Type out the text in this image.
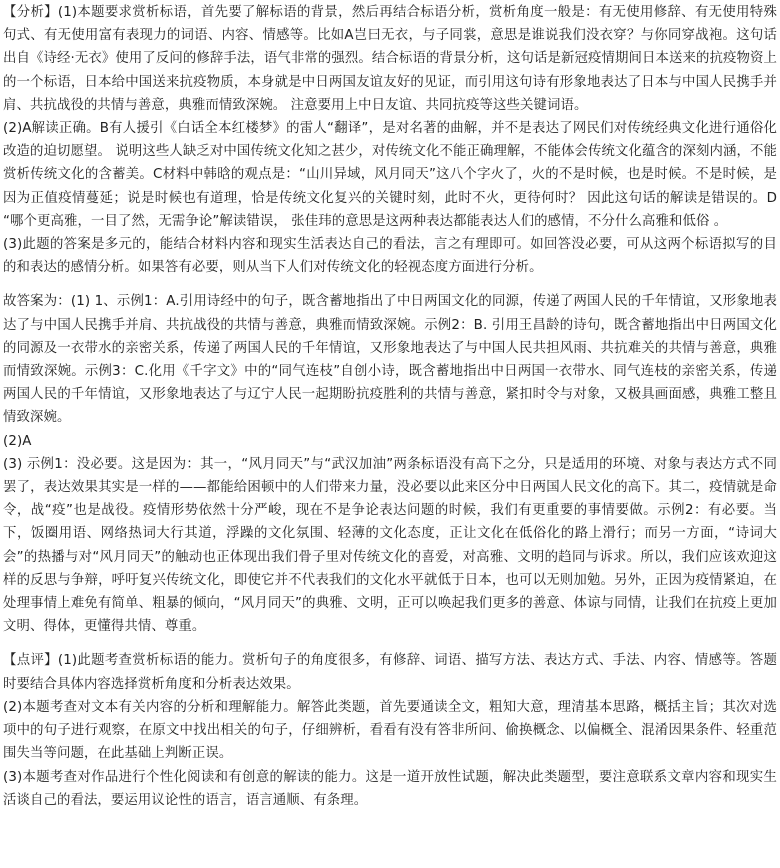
【分析】(1)本题要求赏析标语，首先要了解标语的背景，然后再结合标语分析，赏析角度一般是：有无使用修辞、有无使用特殊句式、有无使用富有表现力的词语、内容、情感等。比如A岂曰无衣，与子同裳，意思是谁说我们没衣穿？与你同穿战袍。这句话出自《诗经·无衣》使用了反问的修辞手法，语气非常的强烈。结合标语的背景分析，这句话是新冠疫情期间日本送来的抗疫物资上的一个标语，日本给中国送来抗疫物质，本身就是中日两国友谊友好的见证，而引用这句诗有形象地表达了日本与中国人民携手并肩、共抗战役的共情与善意，典雅而情致深婉。 注意要用上中日友谊、共同抗疫等这些关键词语。

(2)A解读正确。B有人援引《白话全本红楼梦》的雷人“翻译”，是对名著的曲解，并不是表达了网民们对传统经典文化进行通俗化改造的迫切愿望。 说明这些人缺乏对中国传统文化知之甚少，对传统文化不能正确理解，不能体会传统文化蕴含的深刻内涵，不能赏析传统文化的含蓄美。C材料中韩晗的观点是：“山川异域，风月同天”这八个字火了，火的不是时候，也是时候。不是时候，是因为正值疫情蔓延；说是时候也有道理，恰是传统文化复兴的关键时刻，此时不火，更待何时？ 因此这句话的解读是错误的。D “哪个更高雅，一目了然，无需争论”解读错误， 张佳玮的意思是这两种表达都能表达人们的感情，不分什么高雅和低俗 。

(3)此题的答案是多元的，能结合材料内容和现实生活表达自己的看法，言之有理即可。如回答没必要，可从这两个标语拟写的目的和表达的感情分析。如果答有必要，则从当下人们对传统文化的轻视态度方面进行分析。

故答案为：(1) 1、示例1：A.引用诗经中的句子，既含蓄地指出了中日两国文化的同源，传递了两国人民的千年情谊，又形象地表达了与中国人民携手并肩、共抗战役的共情与善意，典雅而情致深婉。示例2：B. 引用王昌龄的诗句，既含蓄地指出中日两国文化的同源及一衣带水的亲密关系，传递了两国人民的千年情谊，又形象地表达了与中国人民共担风雨、共抗难关的共情与善意，典雅而情致深婉。示例3：C.化用《千字文》中的“同气连枝”自创小诗，既含蓄地指出中日两国一衣带水、同气连枝的亲密关系，传递两国人民的千年情谊，又形象地表达了与辽宁人民一起期盼抗疫胜利的共情与善意，紧扣时令与对象，又极具画面感，典雅工整且情致深婉。

(2)A

(3) 示例1：没必要。这是因为：其一，“风月同天”与“武汉加油”两条标语没有高下之分，只是适用的环境、对象与表达方式不同罢了，表达效果其实是一样的——都能给困顿中的人们带来力量，没必要以此来区分中日两国人民文化的高下。其二，疫情就是命令，战“疫”也是战役。疫情形势依然十分严峻，现在不是争论表达问题的时候，我们有更重要的事情要做。示例2：有必要。当下，饭圈用语、网络热词大行其道，浮躁的文化氛围、轻薄的文化态度，正让文化在低俗化的路上滑行；而另一方面，“诗词大会”的热播与对“风月同天”的触动也正体现出我们骨子里对传统文化的喜爱，对高雅、文明的趋同与诉求。所以，我们应该欢迎这样的反思与争辩，呼吁复兴传统文化，即使它并不代表我们的文化水平就低于日本，也可以无则加勉。另外，正因为疫情紧迫，在处理事情上难免有简单、粗暴的倾向，“风月同天”的典雅、文明，正可以唤起我们更多的善意、体谅与同情，让我们在抗疫上更加文明、得体，更懂得共情、尊重。

【点评】(1)此题考查赏析标语的能力。赏析句子的角度很多，有修辞、词语、描写方法、表达方式、手法、内容、情感等。答题时要结合具体内容选择赏析角度和分析表达效果。

(2)本题考查对文本有关内容的分析和理解能力。解答此类题，首先要通读全文，粗知大意，理清基本思路，概括主旨；其次对选项中的句子进行观察，在原文中找出相关的句子，仔细辨析，看看有没有答非所问、偷换概念、以偏概全、混淆因果条件、轻重范围失当等问题，在此基础上判断正误。

(3)本题考查对作品进行个性化阅读和有创意的解读的能力。这是一道开放性试题，解决此类题型，要注意联系文章内容和现实生活谈自己的看法，要运用议论性的语言，语言通顺、有条理。
